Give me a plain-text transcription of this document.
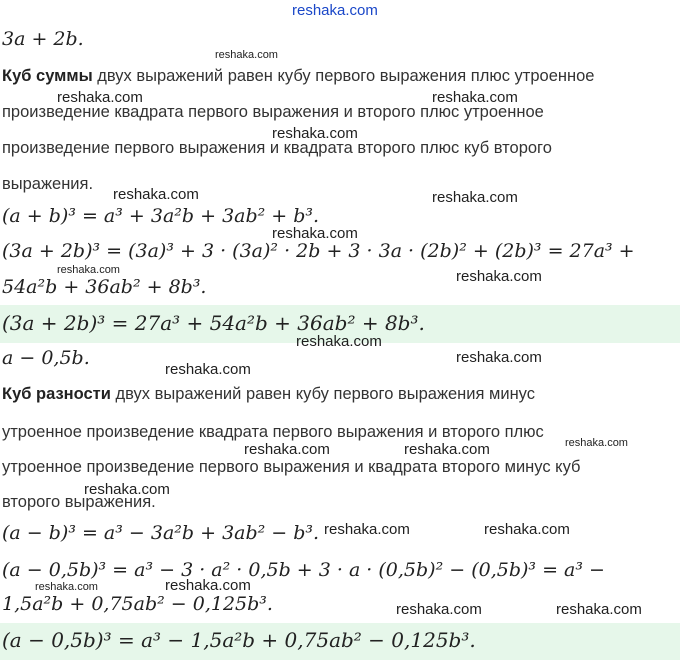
reshaka.com
3a + 2b.
Куб суммы двух выражений равен кубу первого выражения плюс утроенное
произведение квадрата первого выражения и второго плюс утроенное
произведение первого выражения и квадрата второго плюс куб второго
выражения.
(a + b)³ = a³ + 3a²b + 3ab² + b³.
(3a + 2b)³ = (3a)³ + 3 · (3a)² · 2b + 3 · 3a · (2b)² + (2b)³ = 27a³ +
54a²b + 36ab² + 8b³.
(3a + 2b)³ = 27a³ + 54a²b + 36ab² + 8b³.
a − 0,5b.
Куб разности двух выражений равен кубу первого выражения минус
утроенное произведение квадрата первого выражения и второго плюс
утроенное произведение первого выражения и квадрата второго минус куб
второго выражения.
(a − b)³ = a³ − 3a²b + 3ab² − b³.
(a − 0,5b)³ = a³ − 3 · a² · 0,5b + 3 · a · (0,5b)² − (0,5b)³ = a³ −
1,5a²b + 0,75ab² − 0,125b³.
(a − 0,5b)³ = a³ − 1,5a²b + 0,75ab² − 0,125b³.
reshaka.com
reshaka.com	reshaka.com
reshaka.com
reshaka.com	reshaka.com
reshaka.com
reshaka.com	reshaka.com
reshaka.com
reshaka.com
reshaka.com
reshaka.com
reshaka.com	reshaka.com
reshaka.com
reshaka.com	reshaka.com
reshaka.com	reshaka.com
reshaka.com	reshaka.com
